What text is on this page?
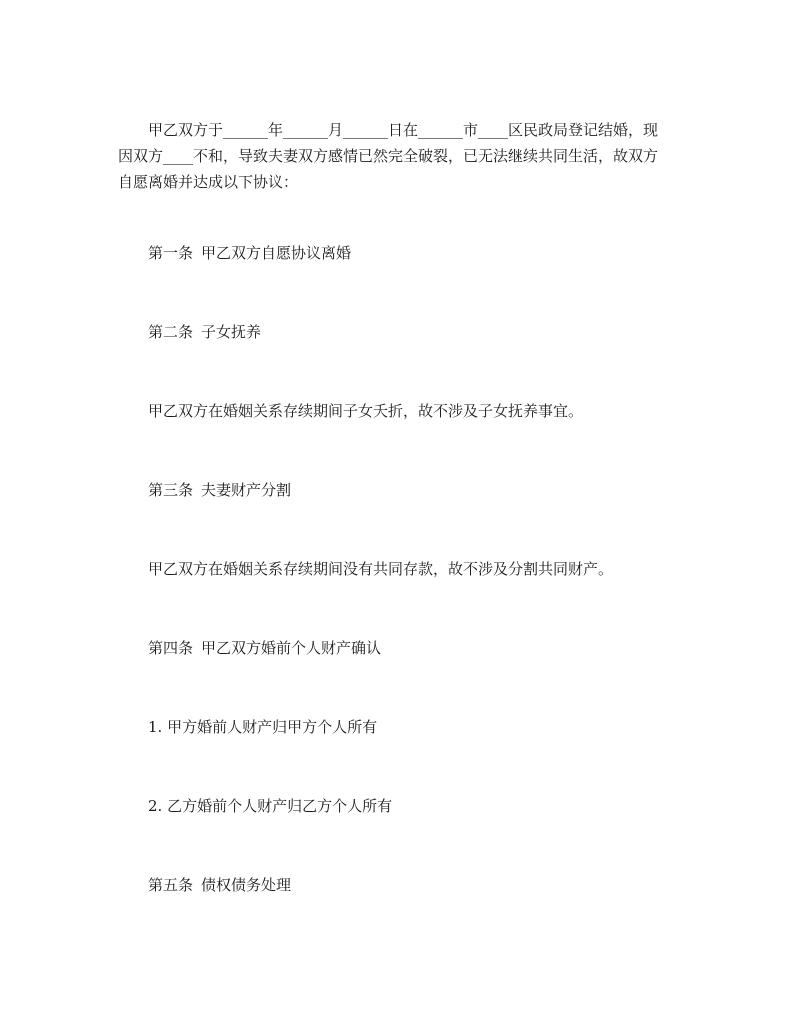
甲乙双方于______年______月______日在______市____区民政局登记结婚，现
因双方____不和，导致夫妻双方感情已然完全破裂，已无法继续共同生活，故双方
自愿离婚并达成以下协议：

第一条 甲乙双方自愿协议离婚

第二条 子女抚养

甲乙双方在婚姻关系存续期间子女夭折，故不涉及子女抚养事宜。

第三条 夫妻财产分割

甲乙双方在婚姻关系存续期间没有共同存款，故不涉及分割共同财产。

第四条 甲乙双方婚前个人财产确认

1. 甲方婚前人财产归甲方个人所有

2. 乙方婚前个人财产归乙方个人所有

第五条 债权债务处理
